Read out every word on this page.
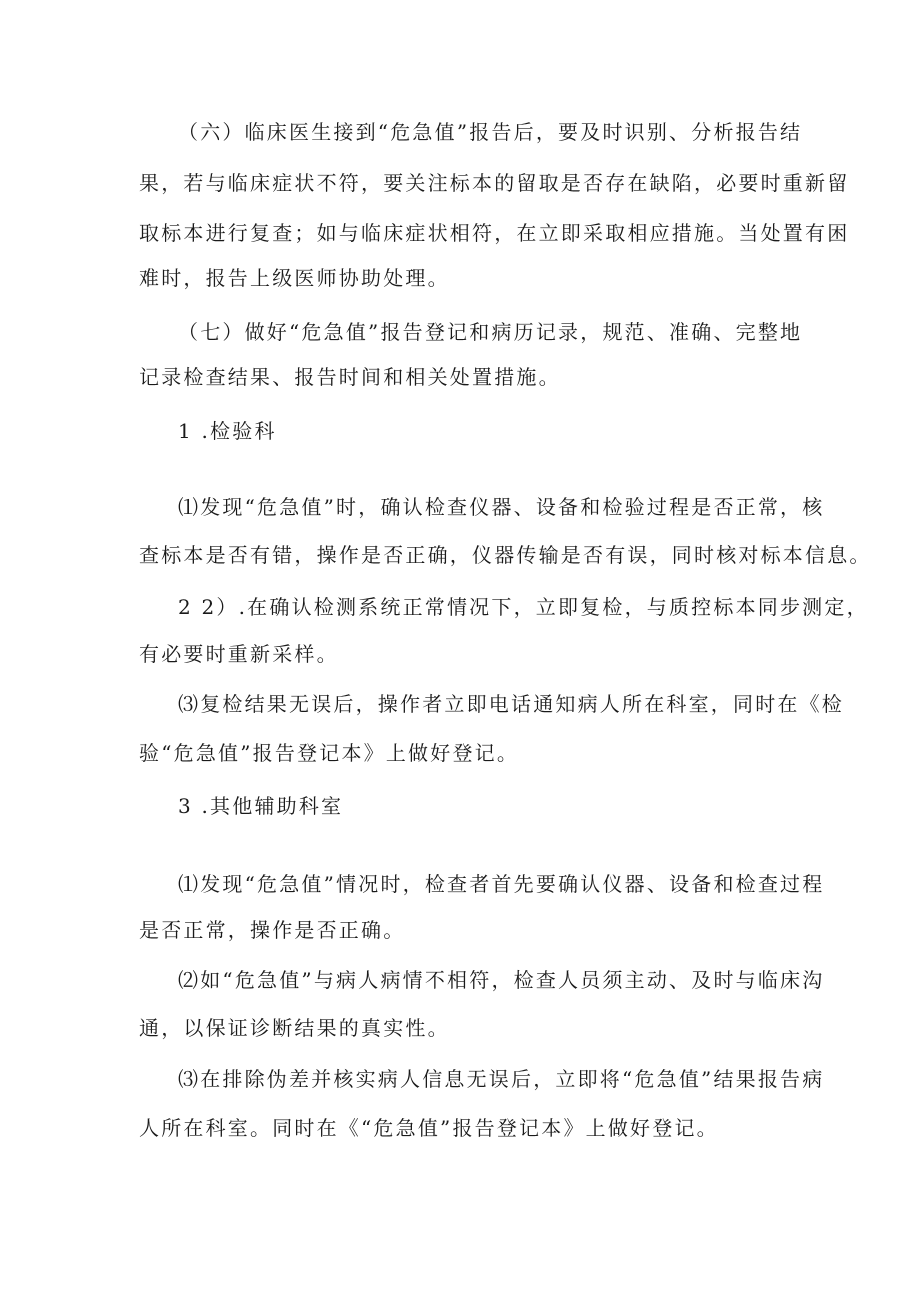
（六）临床医生接到“危急值”报告后，要及时识别、分析报告结

果，若与临床症状不符，要关注标本的留取是否存在缺陷，必要时重新留

取标本进行复查；如与临床症状相符，在立即采取相应措施。当处置有困

难时，报告上级医师协助处理。

（七）做好“危急值”报告登记和病历记录，规范、准确、完整地

记录检查结果、报告时间和相关处置措施。

1 .检验科

⑴发现“危急值”时，确认检查仪器、设备和检验过程是否正常，核

查标本是否有错，操作是否正确，仪器传输是否有误，同时核对标本信息。

2 2）.在确认检测系统正常情况下，立即复检，与质控标本同步测定，

有必要时重新采样。

⑶复检结果无误后，操作者立即电话通知病人所在科室，同时在《检

验“危急值”报告登记本》上做好登记。

3 .其他辅助科室

⑴发现“危急值”情况时，检查者首先要确认仪器、设备和检查过程

是否正常，操作是否正确。

⑵如“危急值”与病人病情不相符，检查人员须主动、及时与临床沟

通，以保证诊断结果的真实性。

⑶在排除伪差并核实病人信息无误后，立即将“危急值”结果报告病

人所在科室。同时在《“危急值”报告登记本》上做好登记。
